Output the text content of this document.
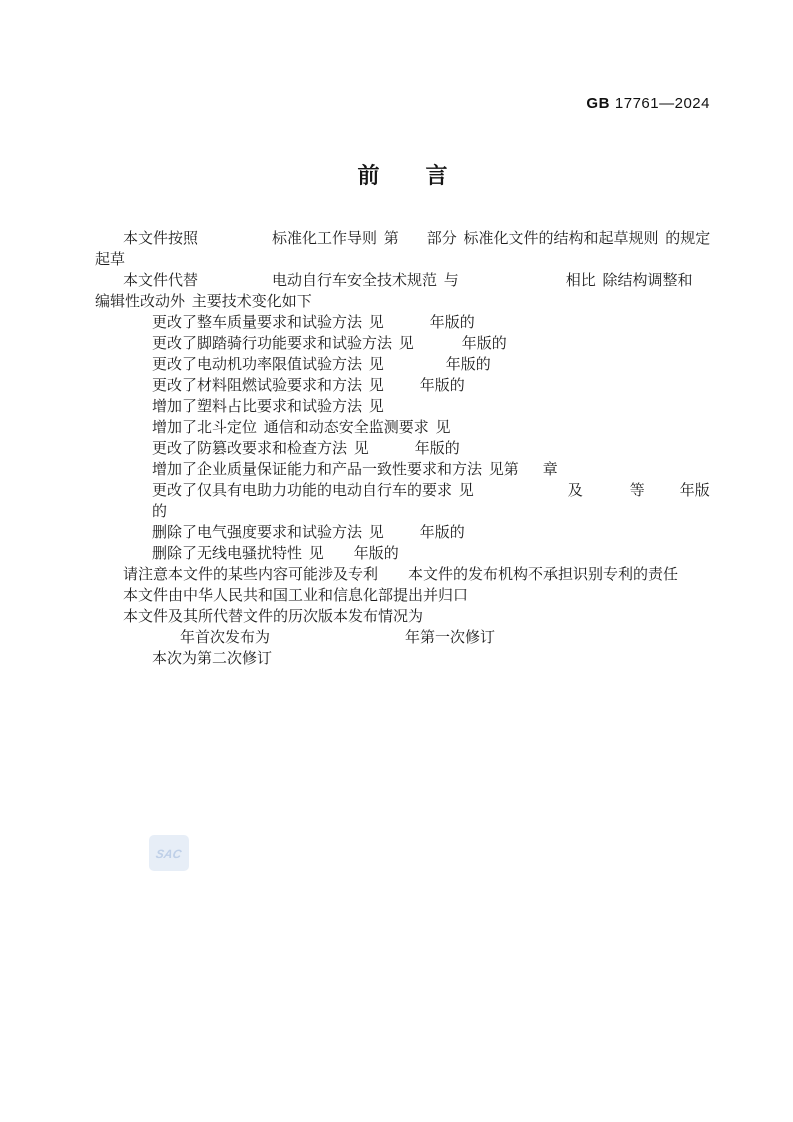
GB 17761—2024
前 言
本文件按照	标准化工作导则 第 部分 标准化文件的结构和起草规则 的规定
起草
本文件代替	电动自行车安全技术规范 与	相比 除结构调整和
编辑性改动外 主要技术变化如下
更改了整车质量要求和试验方法 见	年版的
更改了脚踏骑行功能要求和试验方法 见	年版的
更改了电动机功率限值试验方法 见	年版的
更改了材料阻燃试验要求和方法 见 年版的
增加了塑料占比要求和试验方法 见
增加了北斗定位 通信和动态安全监测要求 见
更改了防篡改要求和检查方法 见	年版的
增加了企业质量保证能力和产品一致性要求和方法 见第 章
更改了仅具有电助力功能的电动自行车的要求 见	及	等 年版
的
删除了电气强度要求和试验方法 见 年版的
删除了无线电骚扰特性 见 年版的
请注意本文件的某些内容可能涉及专利 本文件的发布机构不承担识别专利的责任
本文件由中华人民共和国工业和信息化部提出并归口
本文件及其所代替文件的历次版本发布情况为
年首次发布为	年第一次修订
本次为第二次修订
SAC
